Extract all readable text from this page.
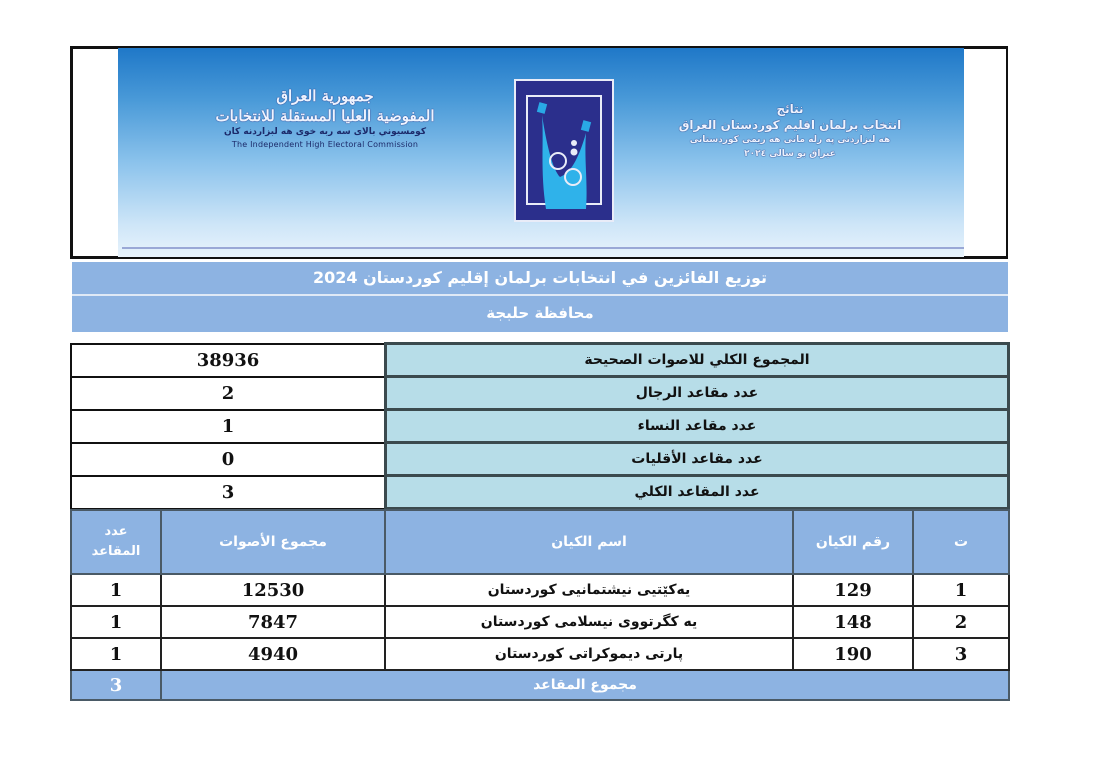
جمهورية العراق
المفوضية العليا المستقلة للانتخابات
كومسيوني بالاى سه ربه خوى هه لبزاردنه كان
The Independent High Electoral Commission
نتائج
انتخاب برلمان اقليم كوردستان العراق
هه لبزاردنى په رله مانى هه ريمى كوردستانى
عيراق بو سالى ٢٠٢٤
توزيع الفائزين في انتخابات برلمان إقليم كوردستان 2024
محافظة حلبجة
38936	المجموع الكلي للاصوات الصحيحة
2	عدد مقاعد الرجال
1	عدد مقاعد النساء
0	عدد مقاعد الأقليات
3	عدد المقاعد الكلي
عدد
المقاعد	مجموع الأصوات	اسم الكيان	رقم الكيان	ت
1	12530	يەكێتیی نیشتمانیی كوردستان	129	1
1	7847	یه كگرتووی نیسلامی كوردستان	148	2
1	4940	پارتی دیموكراتی كوردستان	190	3
3	مجموع المقاعد			
